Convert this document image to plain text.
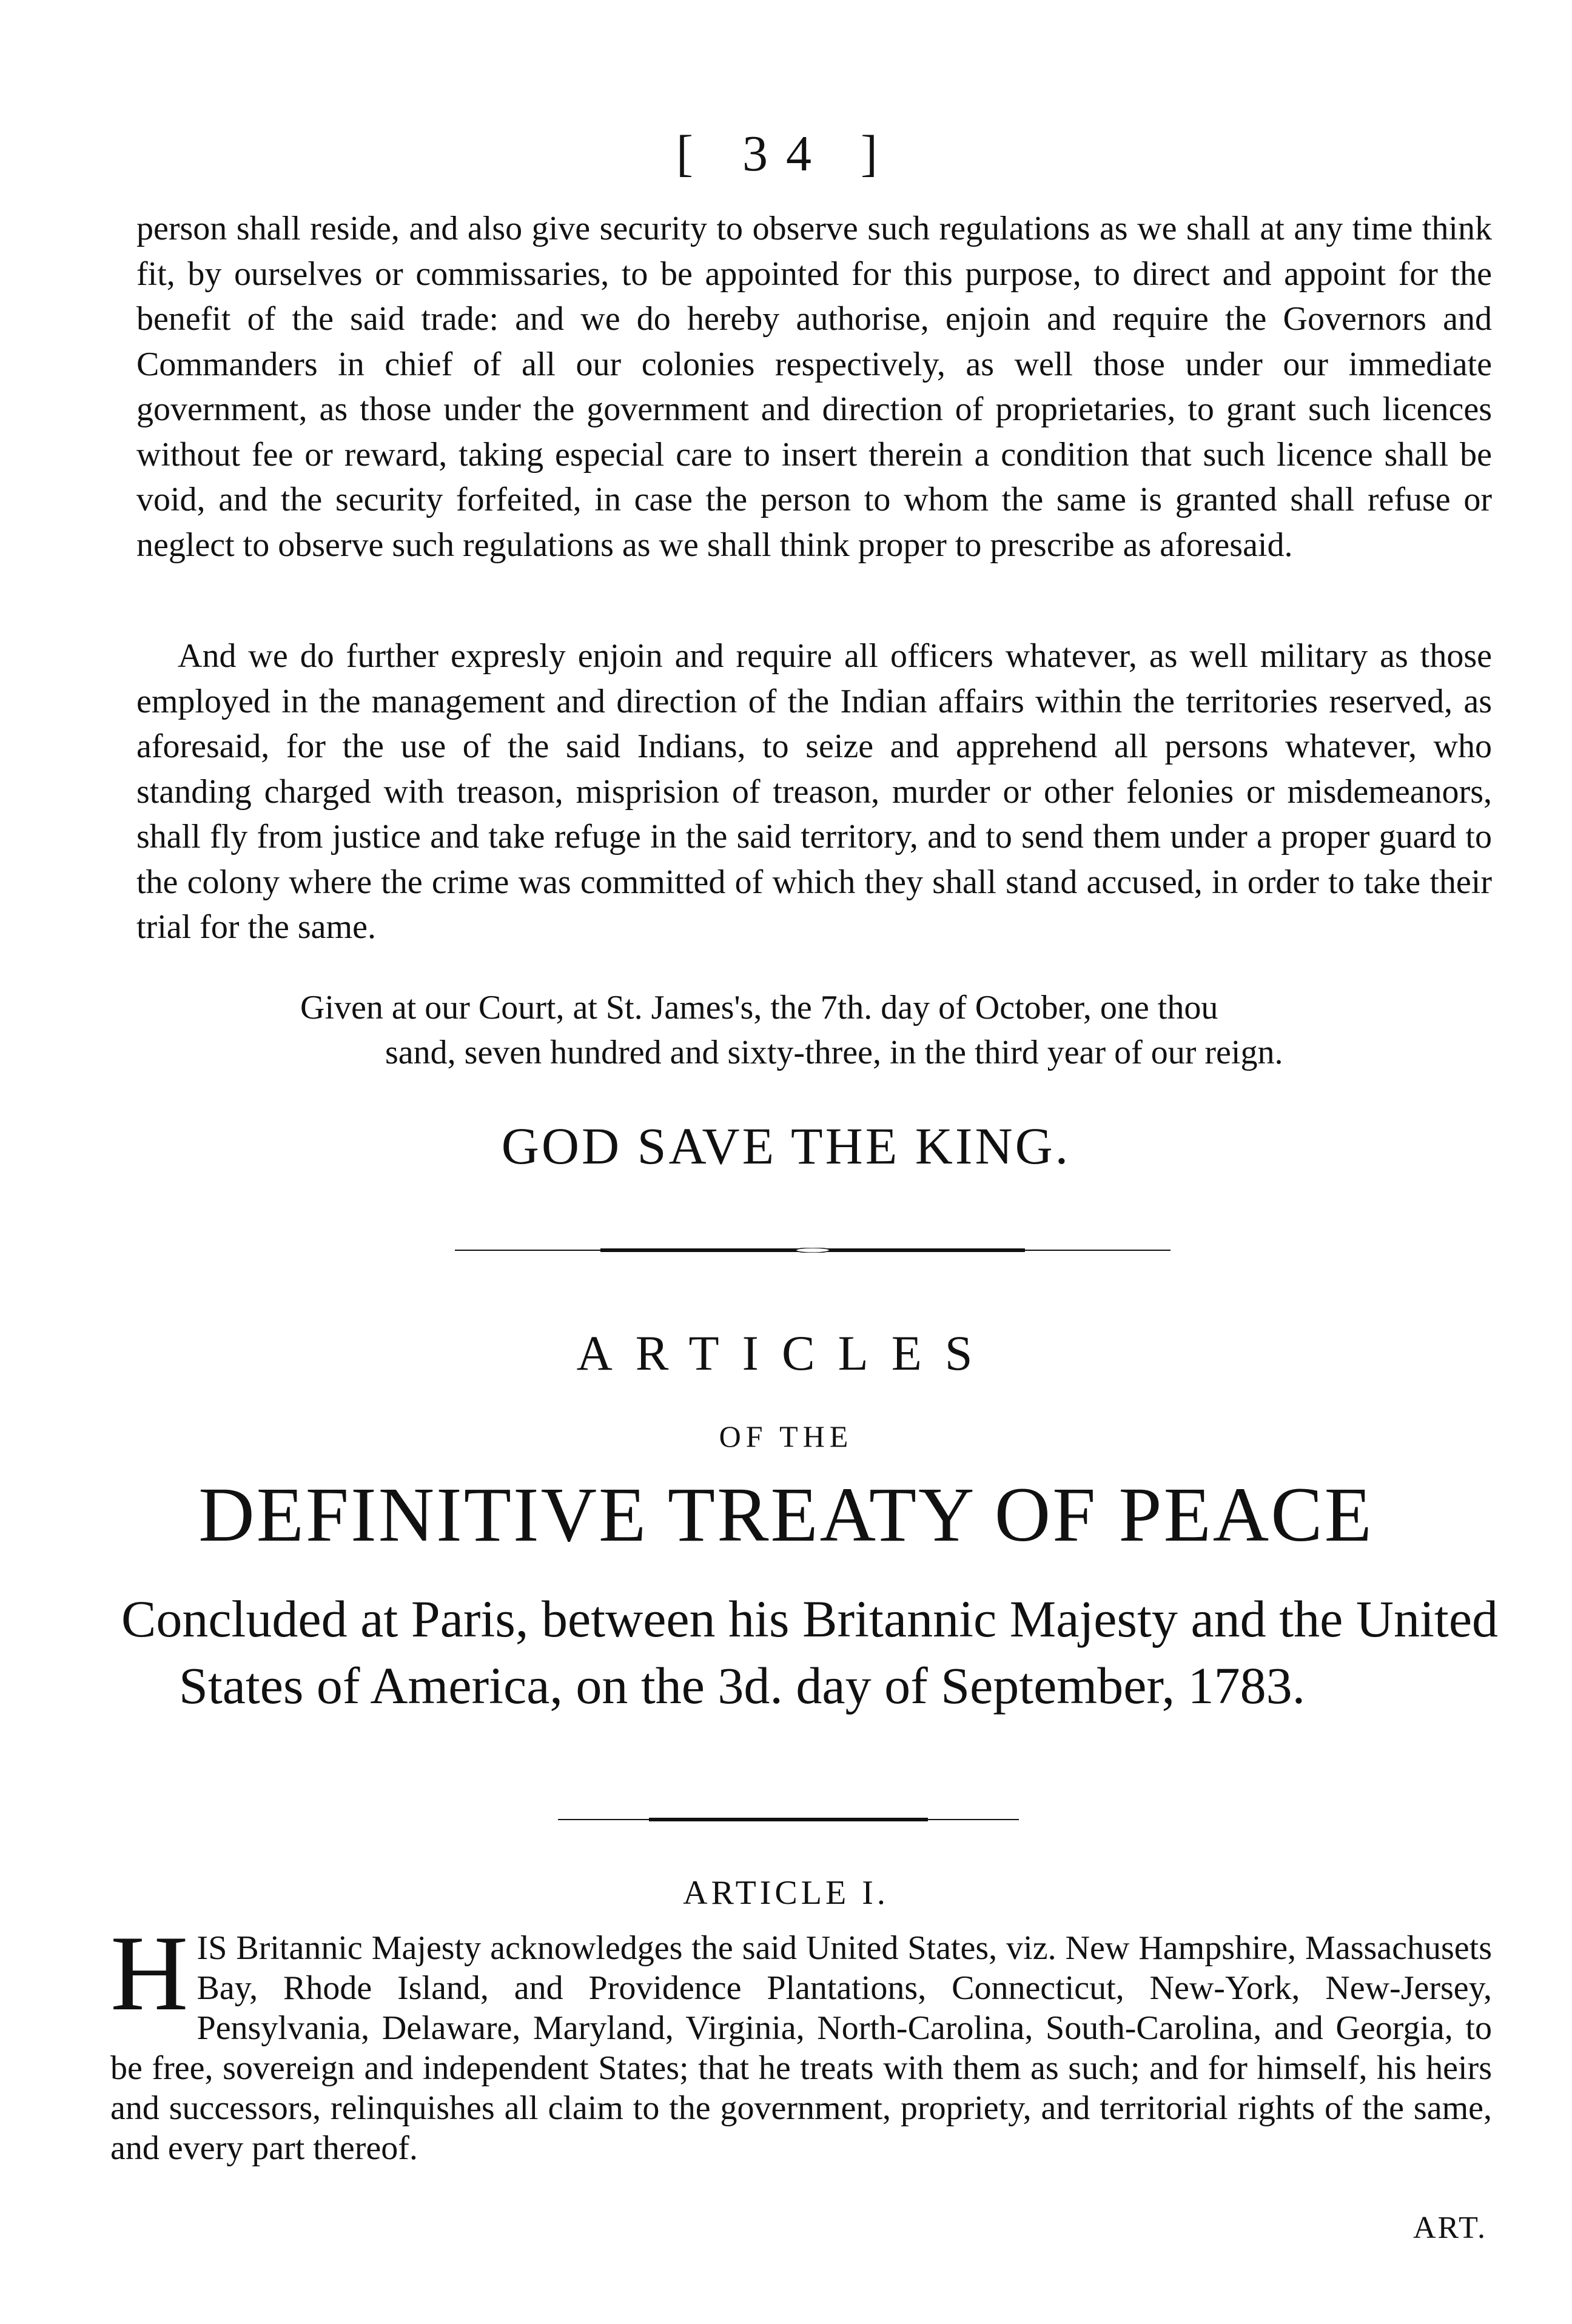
[ 34 ]

person shall reside, and also give security to observe such regulations as we shall at any time think fit, by ourselves or commissaries, to be appointed for this purpose, to direct and appoint for the benefit of the said trade: and we do hereby authorise, enjoin and require the Governors and Commanders in chief of all our colonies respectively, as well those under our immediate government, as those under the government and direction of proprietaries, to grant such licences without fee or reward, taking especial care to insert therein a condition that such licence shall be void, and the security forfeited, in case the person to whom the same is granted shall refuse or neglect to observe such regulations as we shall think proper to prescribe as aforesaid.

And we do further expresly enjoin and require all officers whatever, as well military as those employed in the management and direction of the Indian affairs within the territories reserved, as aforesaid, for the use of the said Indians, to seize and apprehend all persons whatever, who standing charged with treason, misprision of treason, murder or other felonies or misdemeanors, shall fly from justice and take refuge in the said territory, and to send them under a proper guard to the colony where the crime was committed of which they shall stand accused, in order to take their trial for the same.

Given at our Court, at St. James's, the 7th. day of October, one thou
sand, seven hundred and sixty-three, in the third year of our reign.
GOD SAVE THE KING.
ARTICLES
OF THE
DEFINITIVE TREATY OF PEACE

Concluded at Paris, between his Britannic Majesty and the United States of America, on the 3d. day of September, 1783.

ARTICLE I.
HIS Britannic Majesty acknowledges the said United States, viz. New Hampshire, Massachusets Bay, Rhode Island, and Providence Plantations, Connecticut, New-York, New-Jersey, Pensylvania, Delaware, Maryland, Virginia, North-Carolina, South-Carolina, and Georgia, to be free, sovereign and independent States; that he treats with them as such; and for himself, his heirs and successors, relinquishes all claim to the government, propriety, and territorial rights of the same, and every part thereof.
ART.
